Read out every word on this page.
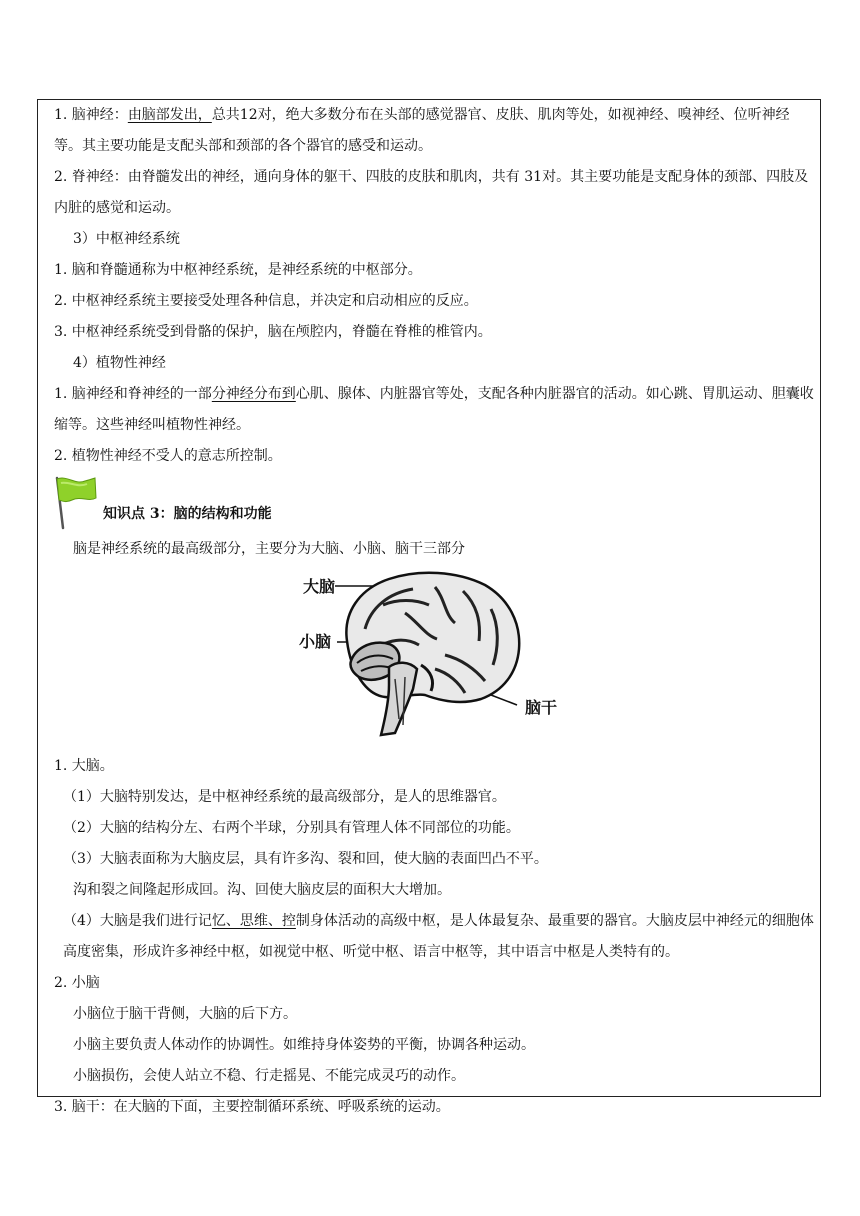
1. 脑神经：由脑部发出，总共12对，绝大多数分布在头部的感觉器官、皮肤、肌肉等处，如视神经、嗅神经、位听神经等。其主要功能是支配头部和颈部的各个器官的感受和运动。

2. 脊神经：由脊髓发出的神经，通向身体的躯干、四肢的皮肤和肌肉，共有 31对。其主要功能是支配身体的颈部、四肢及内脏的感觉和运动。

3）中枢神经系统

1. 脑和脊髓通称为中枢神经系统，是神经系统的中枢部分。

2. 中枢神经系统主要接受处理各种信息，并决定和启动相应的反应。

3. 中枢神经系统受到骨骼的保护，脑在颅腔内，脊髓在脊椎的椎管内。

4）植物性神经

1. 脑神经和脊神经的一部分神经分布到心肌、腺体、内脏器官等处，支配各种内脏器官的活动。如心跳、胃肌运动、胆囊收缩等。这些神经叫植物性神经。

2. 植物性神经不受人的意志所控制。

知识点 3：脑的结构和功能

脑是神经系统的最高级部分，主要分为大脑、小脑、脑干三部分

大脑
小脑
脑干

1. 大脑。

（1）大脑特别发达，是中枢神经系统的最高级部分，是人的思维器官。

（2）大脑的结构分左、右两个半球，分别具有管理人体不同部位的功能。

（3）大脑表面称为大脑皮层，具有许多沟、裂和回，使大脑的表面凹凸不平。

沟和裂之间隆起形成回。沟、回使大脑皮层的面积大大增加。

（4）大脑是我们进行记忆、思维、控制身体活动的高级中枢，是人体最复杂、最重要的器官。大脑皮层中神经元的细胞体高度密集，形成许多神经中枢，如视觉中枢、听觉中枢、语言中枢等，其中语言中枢是人类特有的。

2. 小脑

小脑位于脑干背侧，大脑的后下方。

小脑主要负责人体动作的协调性。如维持身体姿势的平衡，协调各种运动。

小脑损伤，会使人站立不稳、行走摇晃、不能完成灵巧的动作。

3. 脑干：在大脑的下面，主要控制循环系统、呼吸系统的运动。
